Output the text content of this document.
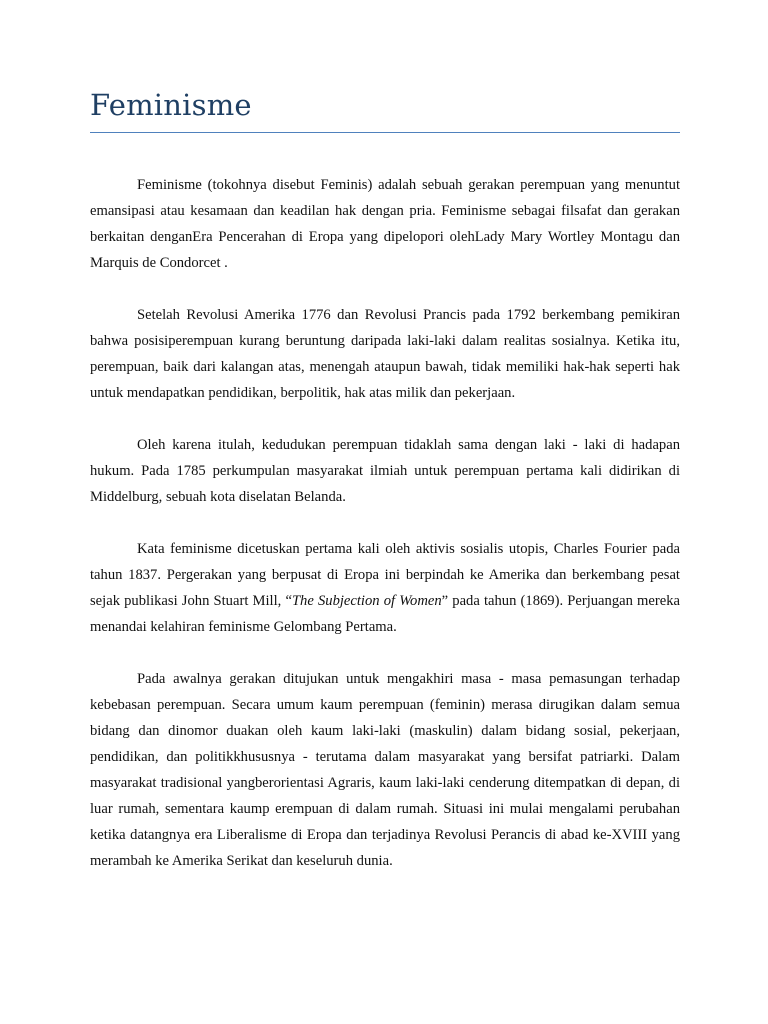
Feminisme

Feminisme (tokohnya disebut Feminis) adalah sebuah gerakan perempuan yang menuntut emansipasi atau kesamaan dan keadilan hak dengan pria. Feminisme sebagai filsafat dan gerakan berkaitan denganEra Pencerahan di Eropa yang dipelopori olehLady Mary Wortley Montagu dan Marquis de Condorcet .

Setelah Revolusi Amerika 1776 dan Revolusi Prancis pada 1792 berkembang pemikiran bahwa posisiperempuan kurang beruntung daripada laki-laki dalam realitas sosialnya. Ketika itu, perempuan, baik dari kalangan atas, menengah ataupun bawah, tidak memiliki hak-hak seperti hak untuk mendapatkan pendidikan, berpolitik, hak atas milik dan pekerjaan.

Oleh karena itulah, kedudukan perempuan tidaklah sama dengan laki - laki di hadapan hukum. Pada 1785 perkumpulan masyarakat ilmiah untuk perempuan pertama kali didirikan di Middelburg, sebuah kota diselatan Belanda.

Kata feminisme dicetuskan pertama kali oleh aktivis sosialis utopis, Charles Fourier pada tahun 1837. Pergerakan yang berpusat di Eropa ini berpindah ke Amerika dan berkembang pesat sejak publikasi John Stuart Mill, “The Subjection of Women” pada tahun (1869). Perjuangan mereka menandai kelahiran feminisme Gelombang Pertama.

Pada awalnya gerakan ditujukan untuk mengakhiri masa - masa pemasungan terhadap kebebasan perempuan. Secara umum kaum perempuan (feminin) merasa dirugikan dalam semua bidang dan dinomor duakan oleh kaum laki-laki (maskulin) dalam bidang sosial, pekerjaan, pendidikan, dan politikkhususnya - terutama dalam masyarakat yang bersifat patriarki. Dalam masyarakat tradisional yangberorientasi Agraris, kaum laki-laki cenderung ditempatkan di depan, di luar rumah, sementara kaump erempuan di dalam rumah. Situasi ini mulai mengalami perubahan ketika datangnya era Liberalisme di Eropa dan terjadinya Revolusi Perancis di abad ke-XVIII yang merambah ke Amerika Serikat dan keseluruh dunia.
